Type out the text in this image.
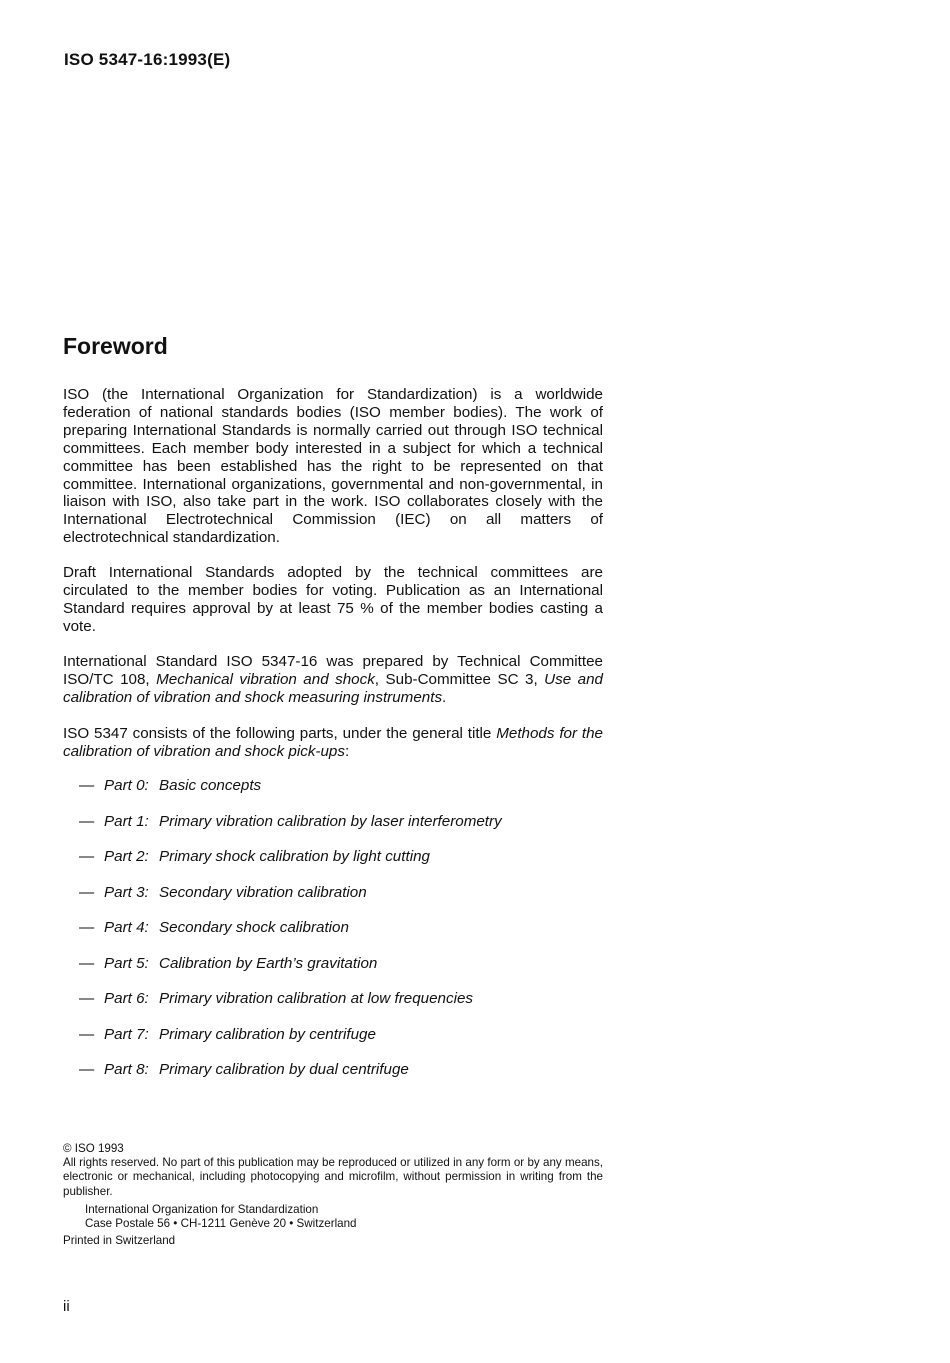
ISO 5347-16:1993(E)
Foreword

ISO (the International Organization for Standardization) is a worldwide federation of national standards bodies (ISO member bodies). The work of preparing International Standards is normally carried out through ISO technical committees. Each member body interested in a subject for which a technical committee has been established has the right to be represented on that committee. International organizations, governmental and non-governmental, in liaison with ISO, also take part in the work. ISO collaborates closely with the International Electrotechnical Commission (IEC) on all matters of electrotechnical standardization.

Draft International Standards adopted by the technical committees are circulated to the member bodies for voting. Publication as an International Standard requires approval by at least 75 % of the member bodies casting a vote.

International Standard ISO 5347-16 was prepared by Technical Committee ISO/TC 108, Mechanical vibration and shock, Sub-Committee SC 3, Use and calibration of vibration and shock measuring instruments.

ISO 5347 consists of the following parts, under the general title Methods for the calibration of vibration and shock pick-ups:

— Part 0: Basic concepts
— Part 1: Primary vibration calibration by laser interferometry
— Part 2: Primary shock calibration by light cutting
— Part 3: Secondary vibration calibration
— Part 4: Secondary shock calibration
— Part 5: Calibration by Earth’s gravitation
— Part 6: Primary vibration calibration at low frequencies
— Part 7: Primary calibration by centrifuge
— Part 8: Primary calibration by dual centrifuge

© ISO 1993

All rights reserved. No part of this publication may be reproduced or utilized in any form or by any means, electronic or mechanical, including photocopying and microfilm, without permission in writing from the publisher.

International Organization for Standardization

Case Postale 56 • CH-1211 Genève 20 • Switzerland

Printed in Switzerland

ii
